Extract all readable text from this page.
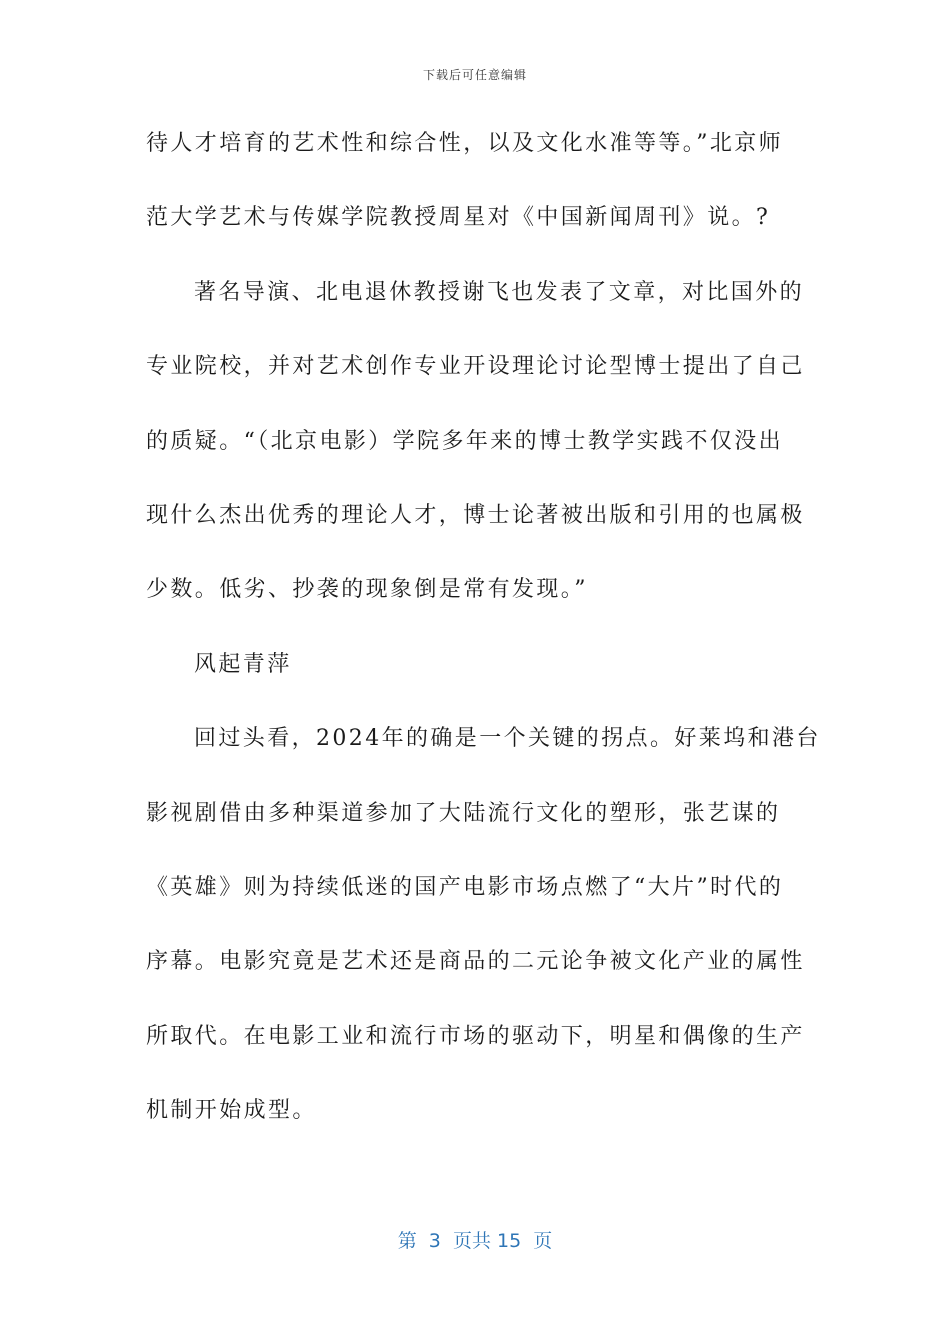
下载后可任意编辑
待人才培育的艺术性和综合性，以及文化水准等等。”北京师
范大学艺术与传媒学院教授周星对《中国新闻周刊》说。?
著名导演、北电退休教授谢飞也发表了文章，对比国外的
专业院校，并对艺术创作专业开设理论讨论型博士提出了自己
的质疑。“（北京电影）学院多年来的博士教学实践不仅没出
现什么杰出优秀的理论人才，博士论著被出版和引用的也属极
少数。低劣、抄袭的现象倒是常有发现。”
风起青萍
回过头看，2024年的确是一个关键的拐点。好莱坞和港台
影视剧借由多种渠道参加了大陆流行文化的塑形，张艺谋的
《英雄》则为持续低迷的国产电影市场点燃了“大片”时代的
序幕。电影究竟是艺术还是商品的二元论争被文化产业的属性
所取代。在电影工业和流行市场的驱动下，明星和偶像的生产
机制开始成型。
第  3  页共 15  页
